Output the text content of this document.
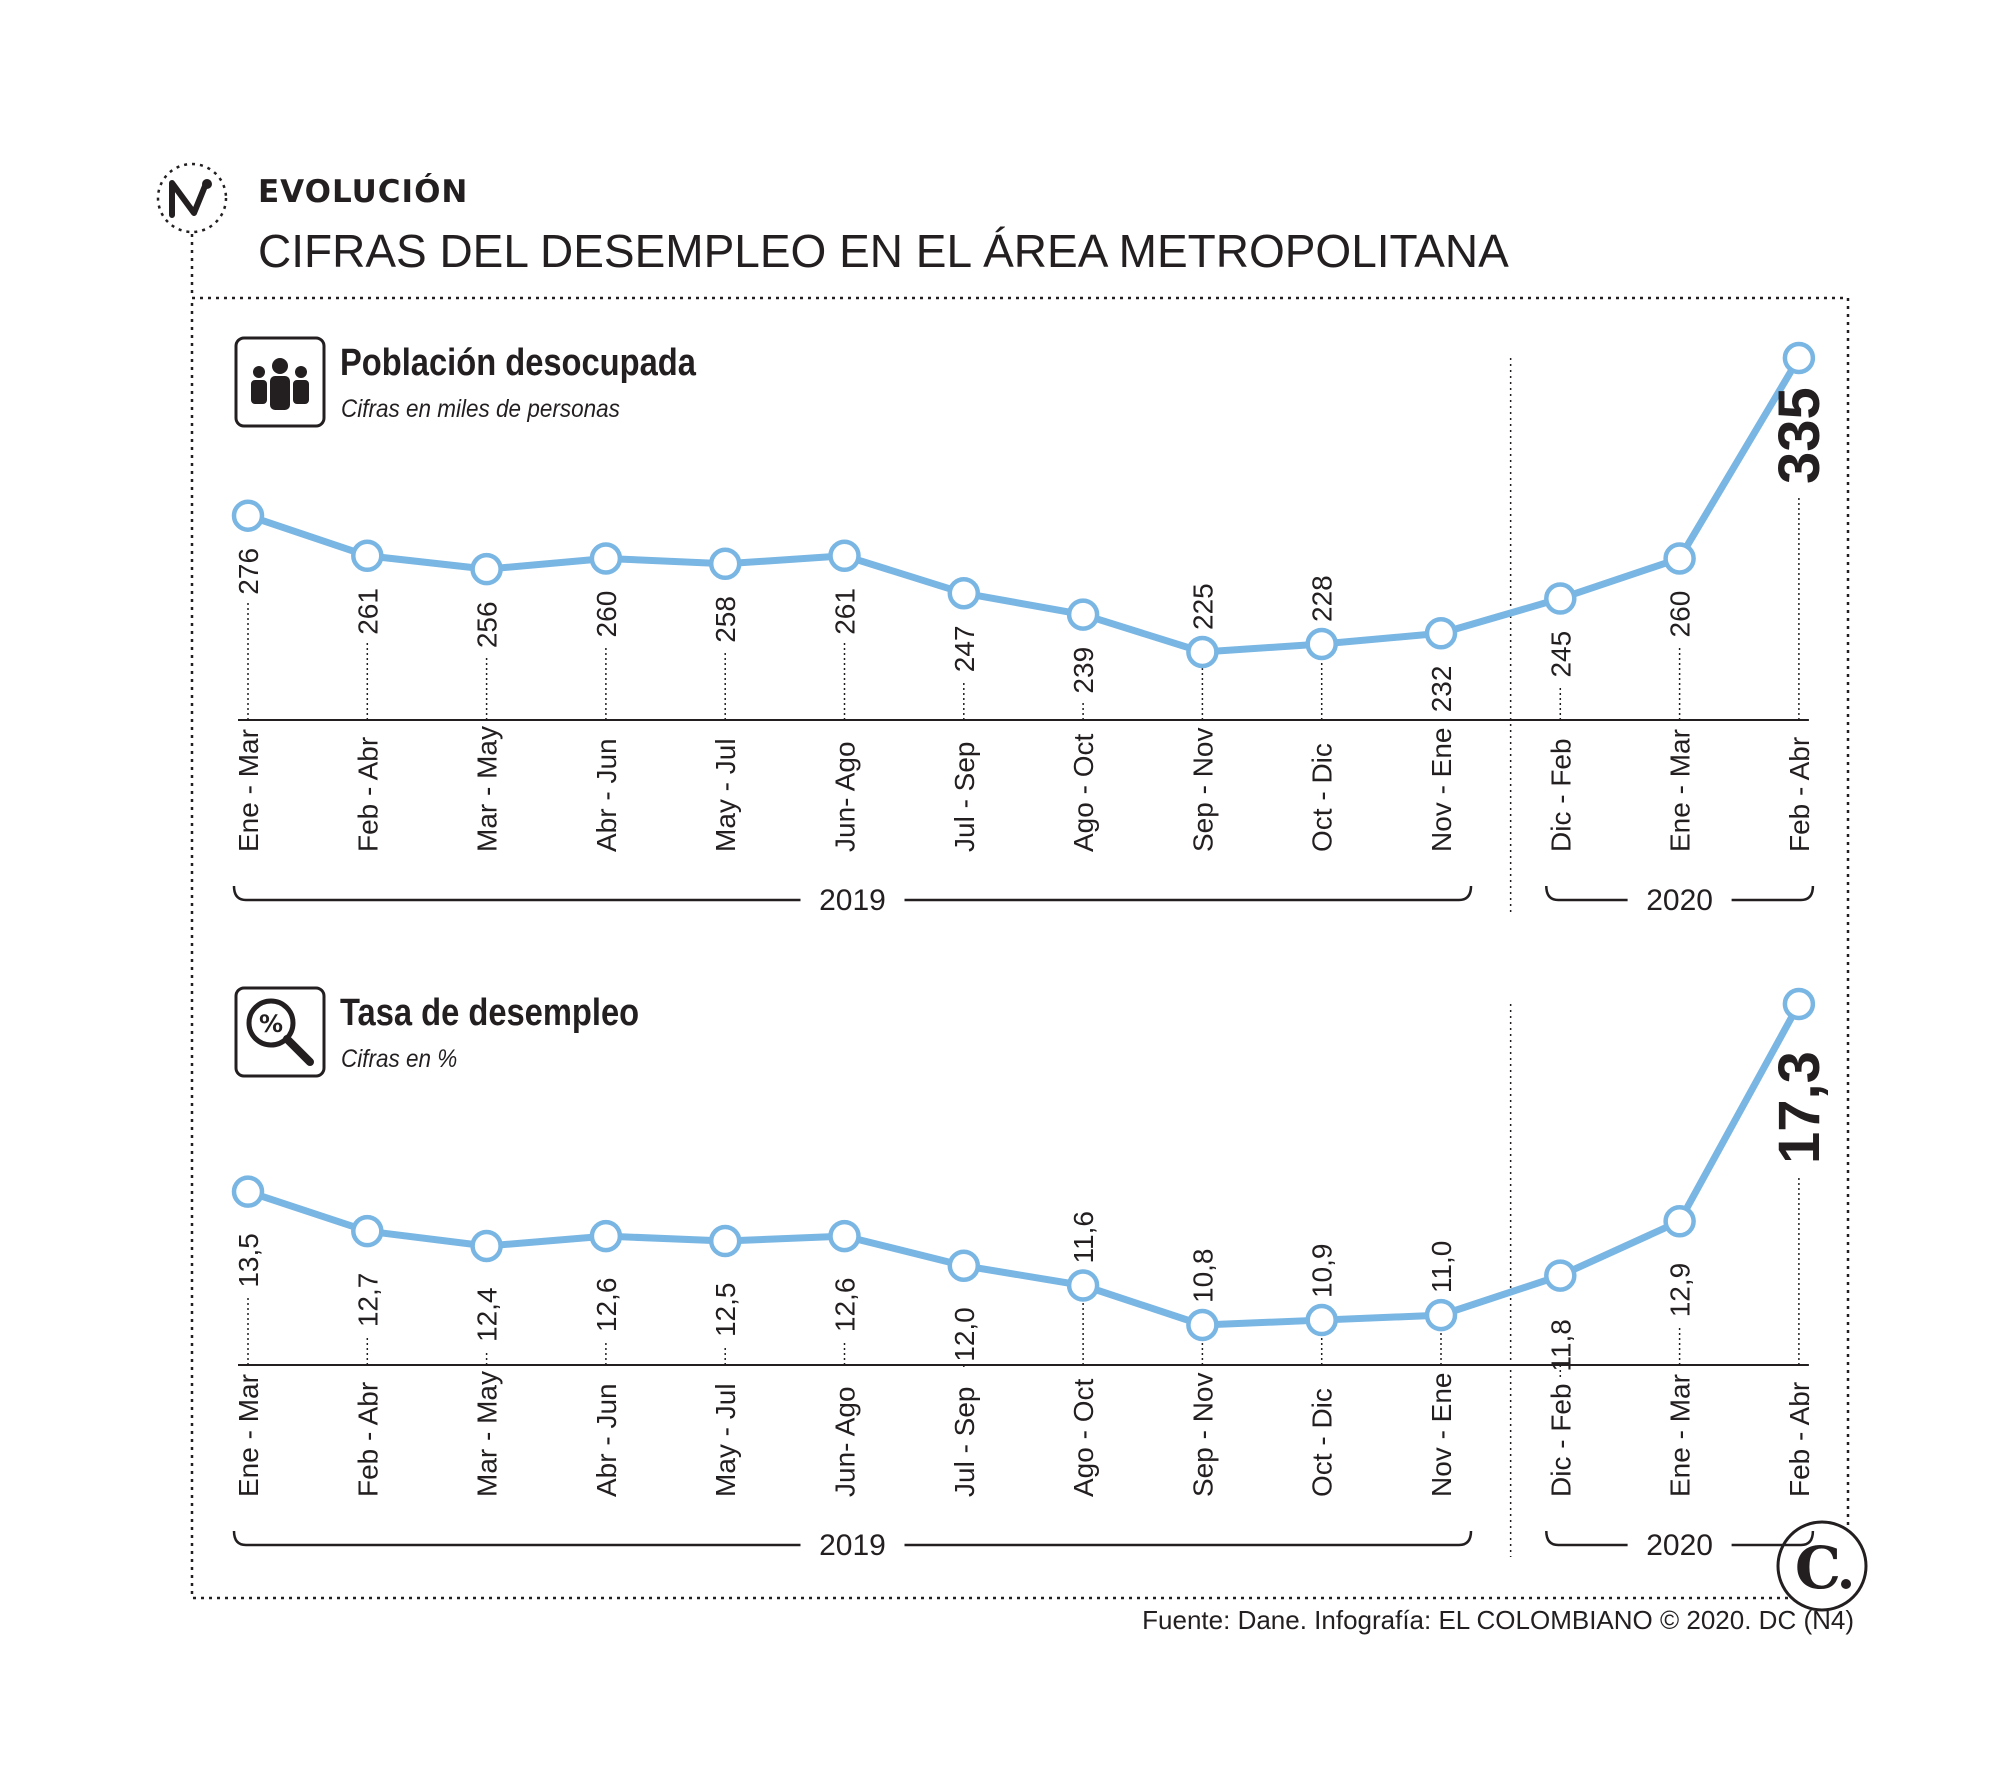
%
C
276
Ene - Mar
261
Feb - Abr
256
Mar - May
260
Abr - Jun
258
May - Jul
261
Jun- Ago
247
Jul - Sep
239
Ago - Oct
225
Sep - Nov
228
Oct - Dic
232
Nov - Ene
245
Dic - Feb
260
Ene - Mar
335
Feb - Abr
2019	2020
13,5
Ene - Mar
12,7
Feb - Abr
12,4
Mar - May
12,6
Abr - Jun
12,5
May - Jul
12,6
Jun- Ago
12,0
Jul - Sep
11,6
Ago - Oct
10,8
Sep - Nov
10,9
Oct - Dic
11,0
Nov - Ene
11,8
Dic - Feb
12,9
Ene - Mar
17,3
Feb - Abr
2019	2020
EVOLUCIÓN
CIFRAS DEL DESEMPLEO EN EL ÁREA METROPOLITANA
Población desocupada
Cifras en miles de personas
Tasa de desempleo
Cifras en %
Fuente: Dane. Infografía: EL COLOMBIANO © 2020. DC (N4)
